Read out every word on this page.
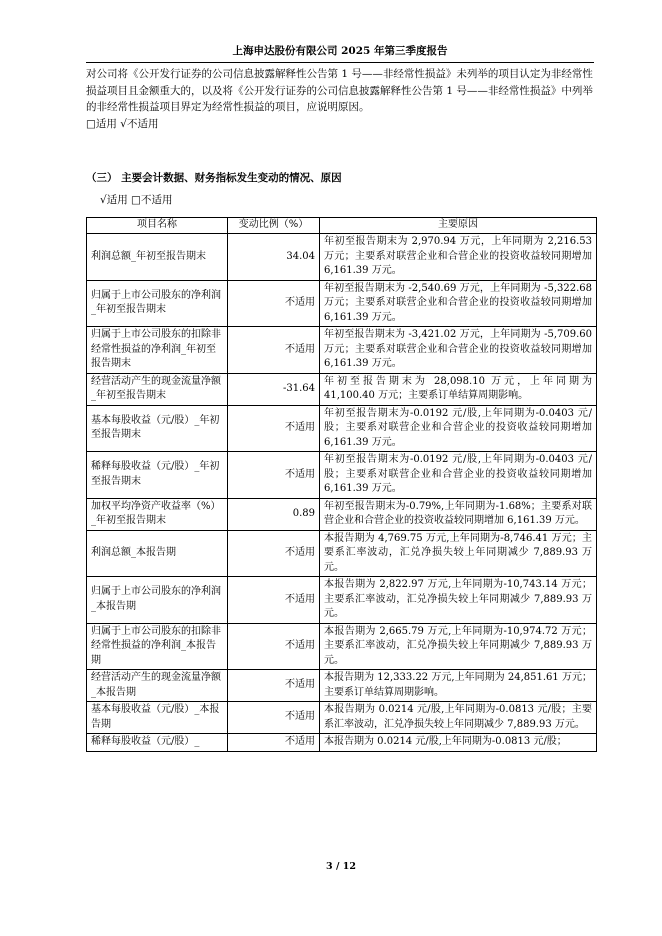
上海申达股份有限公司 2025 年第三季度报告

对公司将《公开发行证券的公司信息披露解释性公告第 1 号——非经常性损益》未列举的项目认定为非经常性损益项目且金额重大的，以及将《公开发行证券的公司信息披露解释性公告第 1 号——非经常性损益》中列举的非经常性损益项目界定为经常性损益的项目，应说明原因。

□适用 √不适用

（三） 主要会计数据、财务指标发生变动的情况、原因
√适用 □不适用
项目名称	变动比例（%）	主要原因
利润总额_年初至报告期末	34.04	年初至报告期末为 2,970.94 万元，上年同期为 2,216.53 万元；主要系对联营企业和合营企业的投资收益较同期增加 6,161.39 万元。
归属于上市公司股东的净利润_年初至报告期末	不适用	年初至报告期末为 -2,540.69 万元，上年同期为 -5,322.68 万元；主要系对联营企业和合营企业的投资收益较同期增加 6,161.39 万元。
归属于上市公司股东的扣除非经常性损益的净利润_年初至报告期末	不适用	年初至报告期末为 -3,421.02 万元，上年同期为 -5,709.60 万元；主要系对联营企业和合营企业的投资收益较同期增加 6,161.39 万元。
经营活动产生的现金流量净额_年初至报告期末	-31.64	年初至报告期末为 28,098.10 万元，上年同期为 41,100.40 万元；主要系订单结算周期影响。
基本每股收益（元/股）_年初至报告期末	不适用	年初至报告期末为-0.0192 元/股,上年同期为-0.0403 元/股；主要系对联营企业和合营企业的投资收益较同期增加 6,161.39 万元。
稀释每股收益（元/股）_年初至报告期末	不适用	年初至报告期末为-0.0192 元/股,上年同期为-0.0403 元/股；主要系对联营企业和合营企业的投资收益较同期增加 6,161.39 万元。
加权平均净资产收益率（%）_年初至报告期末	0.89	年初至报告期末为-0.79%,上年同期为-1.68%；主要系对联营企业和合营企业的投资收益较同期增加 6,161.39 万元。
利润总额_本报告期	不适用	本报告期为 4,769.75 万元,上年同期为-8,746.41 万元；主要系汇率波动，汇兑净损失较上年同期减少 7,889.93 万元。
归属于上市公司股东的净利润_本报告期	不适用	本报告期为 2,822.97 万元,上年同期为-10,743.14 万元；主要系汇率波动，汇兑净损失较上年同期减少 7,889.93 万元。
归属于上市公司股东的扣除非经常性损益的净利润_本报告期	不适用	本报告期为 2,665.79 万元,上年同期为-10,974.72 万元；主要系汇率波动，汇兑净损失较上年同期减少 7,889.93 万元。
经营活动产生的现金流量净额_本报告期	不适用	本报告期为 12,333.22 万元,上年同期为 24,851.61 万元；主要系订单结算周期影响。
基本每股收益（元/股）_本报告期	不适用	本报告期为 0.0214 元/股,上年同期为-0.0813 元/股；主要系汇率波动，汇兑净损失较上年同期减少 7,889.93 万元。
稀释每股收益（元/股）_	不适用	本报告期为 0.0214 元/股,上年同期为-0.0813 元/股；
3 / 12
